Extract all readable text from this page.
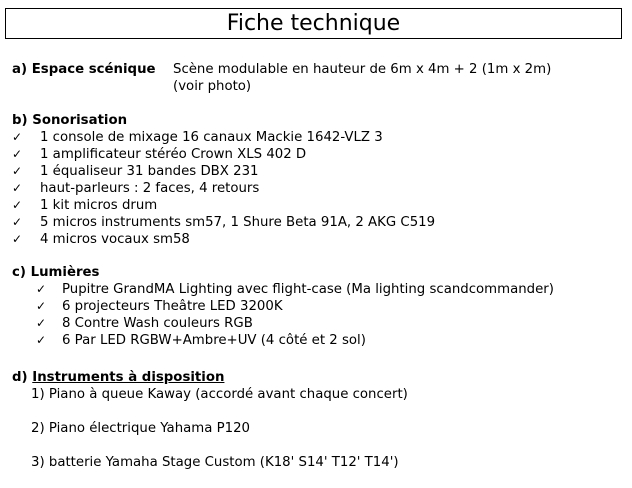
Fiche technique
a) Espace scénique	Scène modulable en hauteur de 6m x 4m + 2 (1m x 2m)
(voir photo)
b) Sonorisation
✓	1 console de mixage 16 canaux Mackie 1642-VLZ 3
✓	1 amplificateur stéréo Crown XLS 402 D
✓	1 équaliseur 31 bandes DBX 231
✓	haut-parleurs : 2 faces, 4 retours
✓	1 kit micros drum
✓	5 micros instruments sm57, 1 Shure Beta 91A, 2 AKG C519
✓	4 micros vocaux sm58
c) Lumières
✓	Pupitre GrandMA Lighting avec flight-case (Ma lighting scandcommander)
✓	6 projecteurs Theâtre LED 3200K
✓	8 Contre Wash couleurs RGB
✓	6 Par LED RGBW+Ambre+UV (4 côté et 2 sol)
d) Instruments à disposition
1) Piano à queue Kaway (accordé avant chaque concert)
2) Piano électrique Yahama P120
3) batterie Yamaha Stage Custom (K18' S14' T12' T14')
